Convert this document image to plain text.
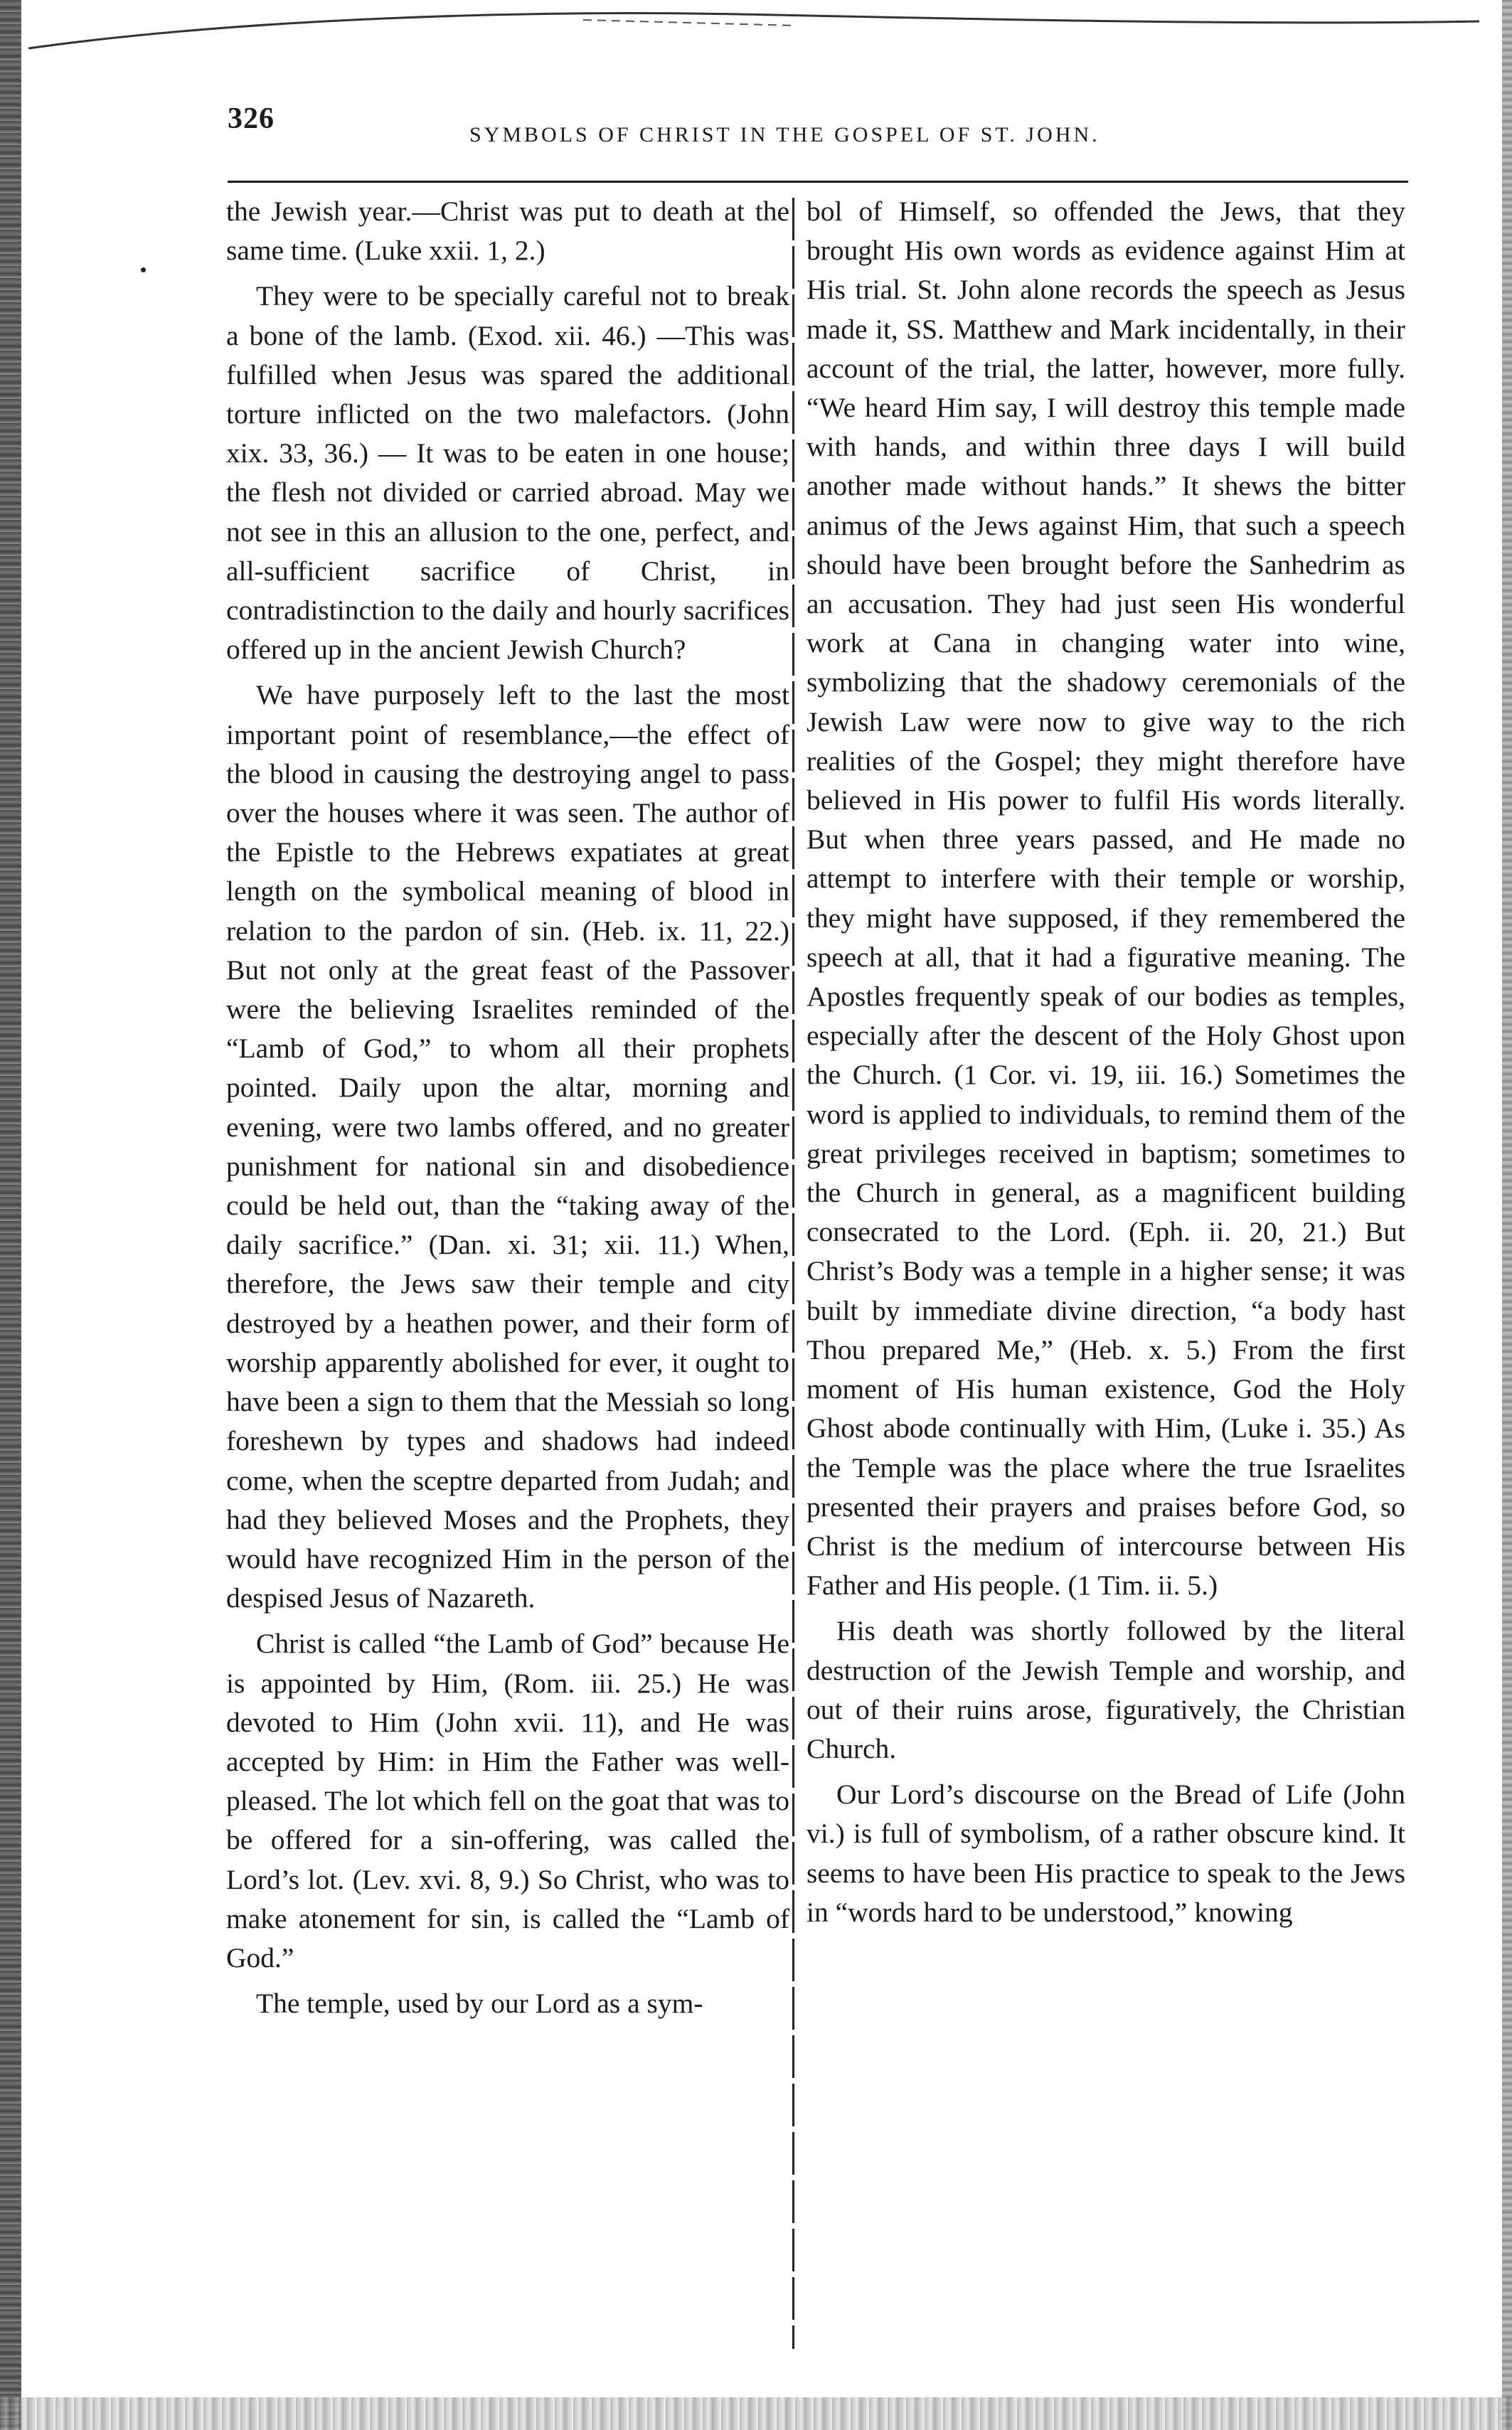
326	SYMBOLS OF CHRIST IN THE GOSPEL OF ST. JOHN.

the Jewish year.—Christ was put to death at the same time. (Luke xxii. 1, 2.)

They were to be specially careful not to break a bone of the lamb. (Exod. xii. 46.) —This was fulfilled when Jesus was spared the additional torture inflicted on the two malefactors. (John xix. 33, 36.) — It was to be eaten in one house; the flesh not divided or carried abroad. May we not see in this an allusion to the one, perfect, and all-sufficient sacrifice of Christ, in contradistinction to the daily and hourly sacrifices offered up in the ancient Jewish Church?

We have purposely left to the last the most important point of resemblance,—the effect of the blood in causing the destroying angel to pass over the houses where it was seen. The author of the Epistle to the Hebrews expatiates at great length on the symbolical meaning of blood in relation to the pardon of sin. (Heb. ix. 11, 22.) But not only at the great feast of the Passover were the believing Israelites reminded of the “Lamb of God,” to whom all their prophets pointed. Daily upon the altar, morning and evening, were two lambs offered, and no greater punishment for national sin and disobedience could be held out, than the “taking away of the daily sacrifice.” (Dan. xi. 31; xii. 11.) When, therefore, the Jews saw their temple and city destroyed by a heathen power, and their form of worship apparently abolished for ever, it ought to have been a sign to them that the Messiah so long foreshewn by types and shadows had indeed come, when the sceptre departed from Judah; and had they believed Moses and the Prophets, they would have recognized Him in the person of the despised Jesus of Nazareth.

Christ is called “the Lamb of God” because He is appointed by Him, (Rom. iii. 25.) He was devoted to Him (John xvii. 11), and He was accepted by Him: in Him the Father was well-pleased. The lot which fell on the goat that was to be offered for a sin-offering, was called the Lord’s lot. (Lev. xvi. 8, 9.) So Christ, who was to make atonement for sin, is called the “Lamb of God.”

The temple, used by our Lord as a sym-

bol of Himself, so offended the Jews, that they brought His own words as evidence against Him at His trial. St. John alone records the speech as Jesus made it, SS. Matthew and Mark incidentally, in their account of the trial, the latter, however, more fully. “We heard Him say, I will destroy this temple made with hands, and within three days I will build another made without hands.” It shews the bitter animus of the Jews against Him, that such a speech should have been brought before the Sanhedrim as an accusation. They had just seen His wonderful work at Cana in changing water into wine, symbolizing that the shadowy ceremonials of the Jewish Law were now to give way to the rich realities of the Gospel; they might therefore have believed in His power to fulfil His words literally. But when three years passed, and He made no attempt to interfere with their temple or worship, they might have supposed, if they remembered the speech at all, that it had a figurative meaning. The Apostles frequently speak of our bodies as temples, especially after the descent of the Holy Ghost upon the Church. (1 Cor. vi. 19, iii. 16.) Sometimes the word is applied to individuals, to remind them of the great privileges received in baptism; sometimes to the Church in general, as a magnificent building consecrated to the Lord. (Eph. ii. 20, 21.) But Christ’s Body was a temple in a higher sense; it was built by immediate divine direction, “a body hast Thou prepared Me,” (Heb. x. 5.) From the first moment of His human existence, God the Holy Ghost abode continually with Him, (Luke i. 35.) As the Temple was the place where the true Israelites presented their prayers and praises before God, so Christ is the medium of intercourse between His Father and His people. (1 Tim. ii. 5.)

His death was shortly followed by the literal destruction of the Jewish Temple and worship, and out of their ruins arose, figuratively, the Christian Church.

Our Lord’s discourse on the Bread of Life (John vi.) is full of symbolism, of a rather obscure kind. It seems to have been His practice to speak to the Jews in “words hard to be understood,” knowing
